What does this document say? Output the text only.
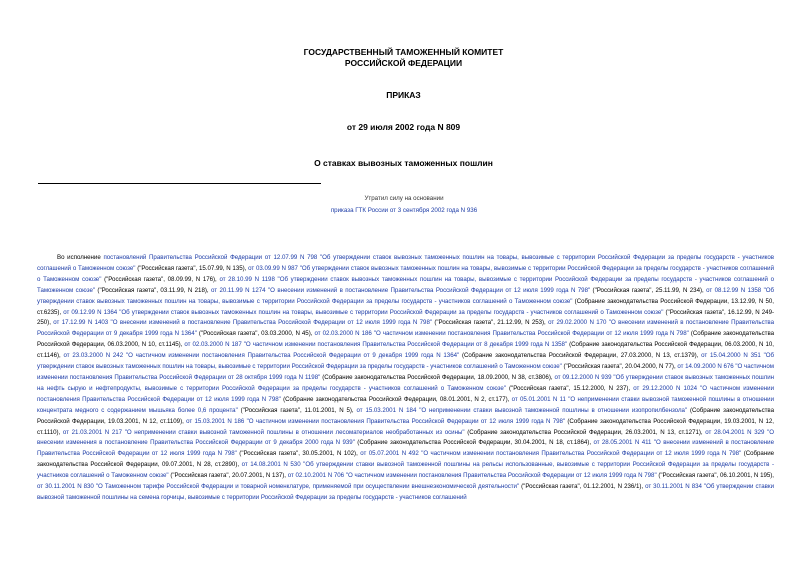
ГОСУДАРСТВЕННЫЙ ТАМОЖЕННЫЙ КОМИТЕТ
РОССИЙСКОЙ ФЕДЕРАЦИИ
ПРИКАЗ
от 29 июля 2002 года N 809
О ставках вывозных таможенных пошлин
Утратил силу на основании
приказа ГТК России от 3 сентября 2002 года N 936
Во исполнение постановлений Правительства Российской Федерации от 12.07.99 N 798 "Об утверждении ставок вывозных таможенных пошлин на товары, вывозимые с территории Российской Федерации за пределы государств - участников соглашений о Таможенном союзе" ("Российская газета", 15.07.99, N 135), от 03.09.99 N 987 "Об утверждении ставок вывозных таможенных пошлин на товары, вывозимые с территории Российской Федерации за пределы государств - участников соглашений о Таможенном союзе" ("Российская газета", 08.09.99, N 176), от 28.10.99 N 1198 "Об утверждении ставок вывозных таможенных пошлин на товары, вывозимые с территории Российской Федерации за пределы государств - участников соглашений о Таможенном союзе" ("Российская газета", 03.11.99, N 218), от 20.11.99 N 1274 "О внесении изменений в постановление Правительства Российской Федерации от 12 июля 1999 года N 798" ("Российская газета", 25.11.99, N 234), от 08.12.99 N 1358 "Об утверждении ставок вывозных таможенных пошлин на товары, вывозимые с территории Российской Федерации за пределы государств - участников соглашений о Таможенном союзе" (Собрание законодательства Российской Федерации, 13.12.99, N 50, ст.6235), от 09.12.99 N 1364 "Об утверждении ставок вывозных таможенных пошлин на товары, вывозимые с территории Российской Федерации за пределы государств - участников соглашений о Таможенном союзе" ("Российская газета", 16.12.99, N 249-250), от 17.12.99 N 1403 "О внесении изменений в постановление Правительства Российской Федерации от 12 июля 1999 года N 798" ("Российская газета", 21.12.99, N 253), от 29.02.2000 N 170 "О внесении изменений в постановление Правительства Российской Федерации от 9 декабря 1999 года N 1364" ("Российская газета", 03.03.2000, N 45), от 02.03.2000 N 186 "О частичном изменении постановления Правительства Российской Федерации от 12 июля 1999 года N 798" (Собрание законодательства Российской Федерации, 06.03.2000, N 10, ст.1145), от 02.03.2000 N 187 "О частичном изменении постановления Правительства Российской Федерации от 8 декабря 1999 года N 1358" (Собрание законодательства Российской Федерации, 06.03.2000, N 10, ст.1146), от 23.03.2000 N 242 "О частичном изменении постановления Правительства Российской Федерации от 9 декабря 1999 года N 1364" (Собрание законодательства Российской Федерации, 27.03.2000, N 13, ст.1379), от 15.04.2000 N 351 "Об утверждении ставок вывозных таможенных пошлин на товары, вывозимые с территории Российской Федерации за пределы государств - участников соглашений о Таможенном союзе" ("Российская газета", 20.04.2000, N 77), от 14.09.2000 N 676 "О частичном изменении постановления Правительства Российской Федерации от 28 октября 1999 года N 1198" (Собрание законодательства Российской Федерации, 18.09.2000, N 38, ст.3806), от 09.12.2000 N 939 "Об утверждении ставок вывозных таможенных пошлин на нефть сырую и нефтепродукты, вывозимые с территории Российской Федерации за пределы государств - участников соглашений о Таможенном союзе" ("Российская газета", 15.12.2000, N 237), от 29.12.2000 N 1024 "О частичном изменении постановления Правительства Российской Федерации от 12 июля 1999 года N 798" (Собрание законодательства Российской Федерации, 08.01.2001, N 2, ст.177), от 05.01.2001 N 11 "О неприменении ставки вывозной таможенной пошлины в отношении концентрата медного с содержанием мышьяка более 0,6 процента" ("Российская газета", 11.01.2001, N 5), от 15.03.2001 N 184 "О неприменении ставки вывозной таможенной пошлины в отношении изопропилбензола" (Собрание законодательства Российской Федерации, 19.03.2001, N 12, ст.1109), от 15.03.2001 N 186 "О частичном изменении постановления Правительства Российской Федерации от 12 июля 1999 года N 798" (Собрание законодательства Российской Федерации, 19.03.2001, N 12, ст.1110), от 21.03.2001 N 217 "О неприменении ставки вывозной таможенной пошлины в отношении лесоматериалов необработанных из осины" (Собрание законодательства Российской Федерации, 26.03.2001, N 13, ст.1271), от 28.04.2001 N 329 "О внесении изменения в постановление Правительства Российской Федерации от 9 декабря 2000 года N 939" (Собрание законодательства Российской Федерации, 30.04.2001, N 18, ст.1864), от 28.05.2001 N 411 "О внесении изменений в постановление Правительства Российской Федерации от 12 июля 1999 года N 798" ("Российская газета", 30.05.2001, N 102), от 05.07.2001 N 492 "О частичном изменении постановления Правительства Российской Федерации от 12 июля 1999 года N 798" (Собрание законодательства Российской Федерации, 09.07.2001, N 28, ст.2890), от 14.08.2001 N 530 "Об утверждении ставки вывозной таможенной пошлины на рельсы использованные, вывозимые с территории Российской Федерации за пределы государств - участников соглашений о Таможенном союзе" ("Российская газета", 20.07.2001, N 137), от 02.10.2001 N 706 "О частичном изменении постановления Правительства Российской Федерации от 12 июля 1999 года N 798" ("Российская газета", 06.10.2001, N 195), от 30.11.2001 N 830 "О Таможенном тарифе Российской Федерации и товарной номенклатуре, применяемой при осуществлении внешнеэкономической деятельности" ("Российская газета", 01.12.2001, N 236/1), от 30.11.2001 N 834 "Об утверждении ставки вывозной таможенной пошлины на семена горчицы, вывозимые с территории Российской Федерации за пределы государств - участников соглашений
